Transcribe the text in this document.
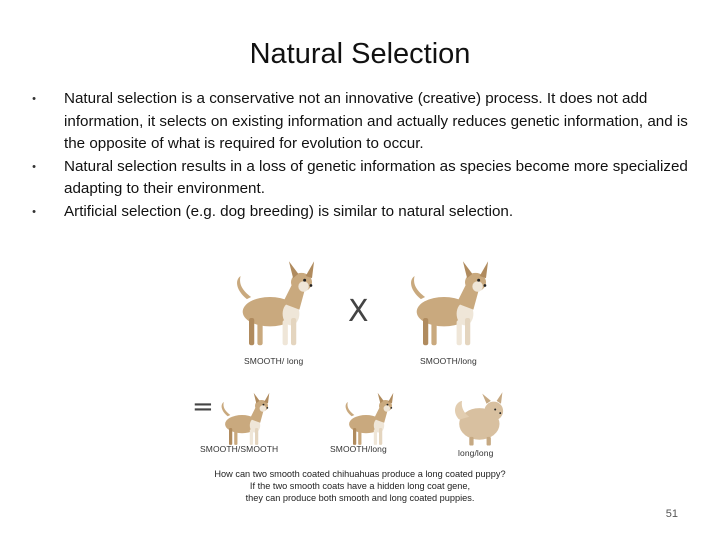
Natural Selection
• Natural selection is a conservative not an innovative (creative) process. It does not add information, it selects on existing information and actually reduces genetic information, and is the opposite of what is required for evolution to occur.
• Natural selection results in a loss of genetic information as species become more specialized adapting to their environment.
• Artificial selection (e.g. dog breeding) is similar to natural selection.
X
=
SMOOTH/ long	SMOOTH/long
SMOOTH/SMOOTH	SMOOTH/long	long/long
How can two smooth coated chihuahuas produce a long coated puppy?
If the two smooth coats have a hidden long coat gene,
they can produce both smooth and long coated puppies.
51
